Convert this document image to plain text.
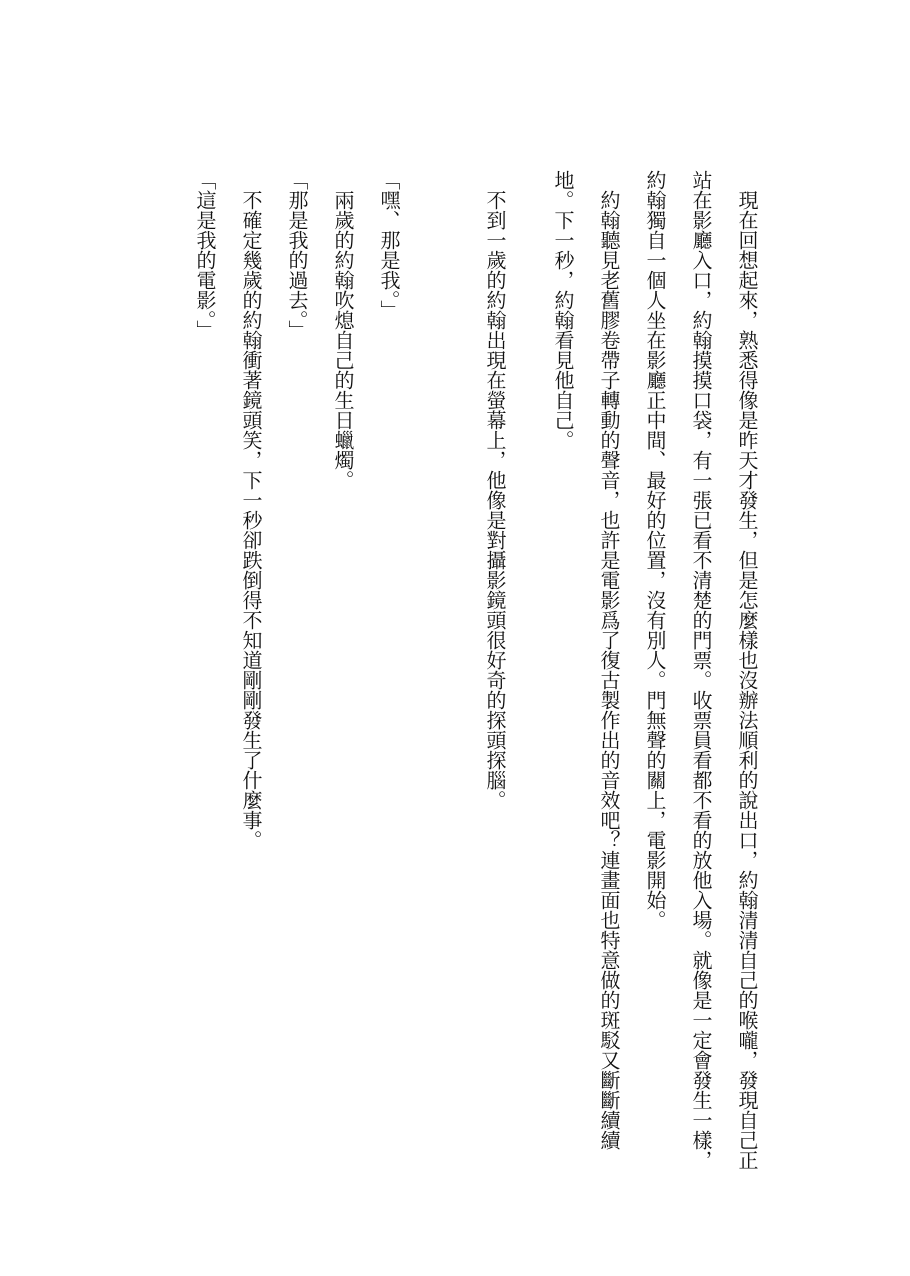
現在回想起來，熟悉得像是昨天才發生，但是怎麼樣也沒辦法順利的說出口，約翰清清自己的喉嚨，發現自己正站在影廳入口，約翰摸摸口袋，有一張已看不清楚的門票。收票員看都不看的放他入場。就像是一定會發生一樣，約翰獨自一個人坐在影廳正中間、最好的位置，沒有別人。門無聲的關上，電影開始。

約翰聽見老舊膠卷帶子轉動的聲音，也許是電影爲了復古製作出的音效吧？連畫面也特意做的斑駁又斷斷續續地。下一秒，約翰看見他自己。

不到一歲的約翰出現在螢幕上，他像是對攝影鏡頭很好奇的探頭探腦。

「嘿、那是我。」

兩歲的約翰吹熄自己的生日蠟燭。

「那是我的過去。」

不確定幾歲的約翰衝著鏡頭笑，下一秒卻跌倒得不知道剛剛發生了什麼事。

「這是我的電影。」
